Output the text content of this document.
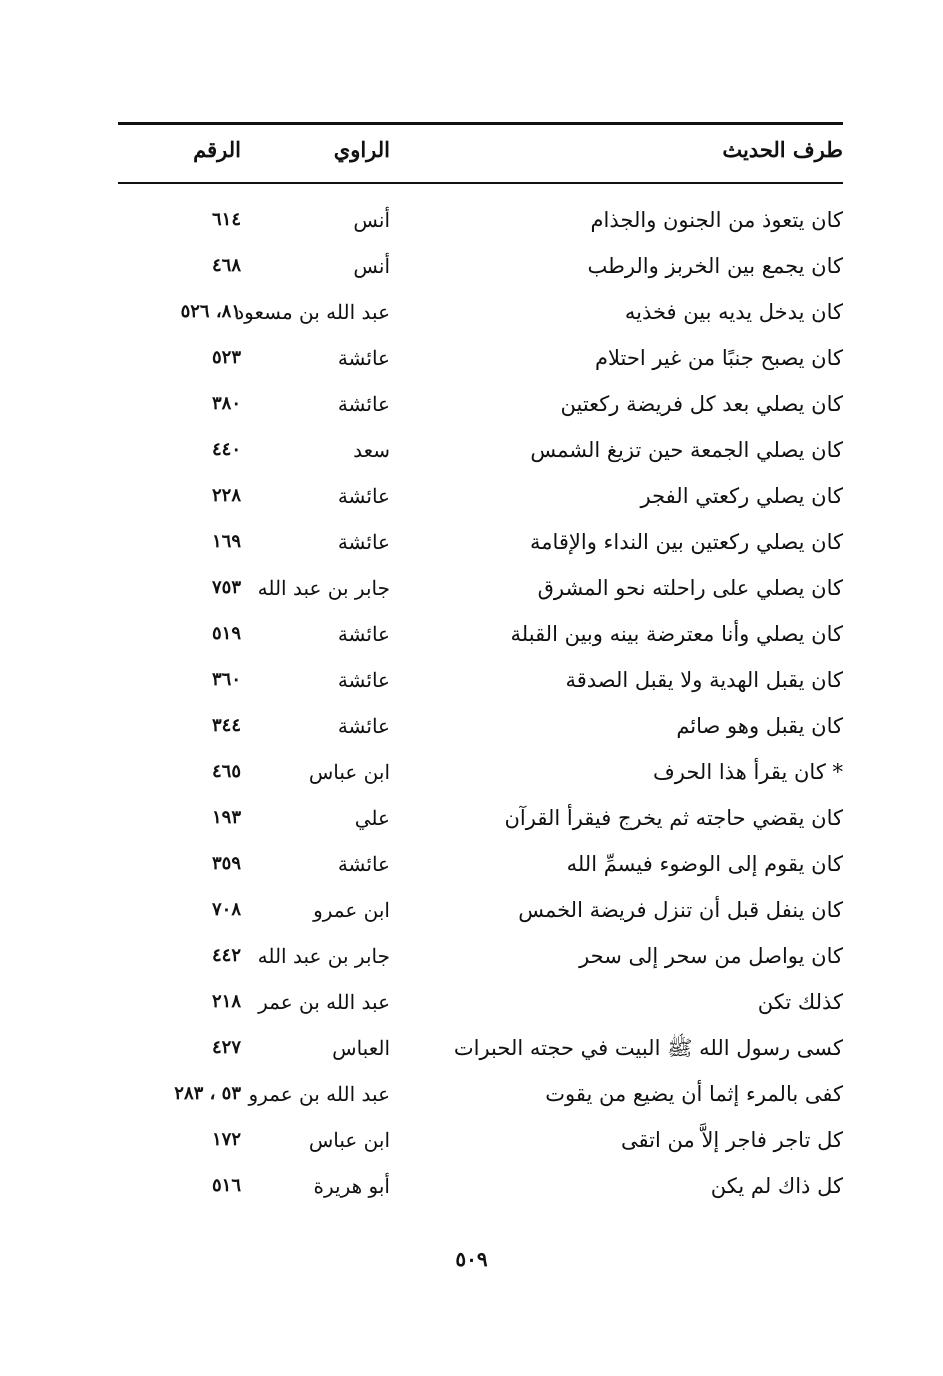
طرف الحديث
الراوي
الرقم
كان يتعوذ من الجنون والجذام
أنس
٦١٤
كان يجمع بين الخربز والرطب
أنس
٤٦٨
كان يدخل يديه بين فخذيه
عبد الله بن مسعود
٨١، ٥٢٦
كان يصبح جنبًا من غير احتلام
عائشة
٥٢٣
كان يصلي بعد كل فريضة ركعتين
عائشة
٣٨٠
كان يصلي الجمعة حين تزيغ الشمس
سعد
٤٤٠
كان يصلي ركعتي الفجر
عائشة
٢٢٨
كان يصلي ركعتين بين النداء والإقامة
عائشة
١٦٩
كان يصلي على راحلته نحو المشرق
جابر بن عبد الله
٧٥٣
كان يصلي وأنا معترضة بينه وبين القبلة
عائشة
٥١٩
كان يقبل الهدية ولا يقبل الصدقة
عائشة
٣٦٠
كان يقبل وهو صائم
عائشة
٣٤٤
* كان يقرأ هذا الحرف
ابن عباس
٤٦٥
كان يقضي حاجته ثم يخرج فيقرأ القرآن
علي
١٩٣
كان يقوم إلى الوضوء فيسمِّ الله
عائشة
٣٥٩
كان ينفل قبل أن تنزل فريضة الخمس
ابن عمرو
٧٠٨
كان يواصل من سحر إلى سحر
جابر بن عبد الله
٤٤٢
كذلك تكن
عبد الله بن عمر
٢١٨
كسى رسول الله ﷺ البيت في حجته الحبرات
العباس
٤٢٧
كفى بالمرء إثما أن يضيع من يقوت
عبد الله بن عمرو
٥٣ ، ٢٨٣
كل تاجر فاجر إلاَّ من اتقى
ابن عباس
١٧٢
كل ذاك لم يكن
أبو هريرة
٥١٦
٥٠٩
